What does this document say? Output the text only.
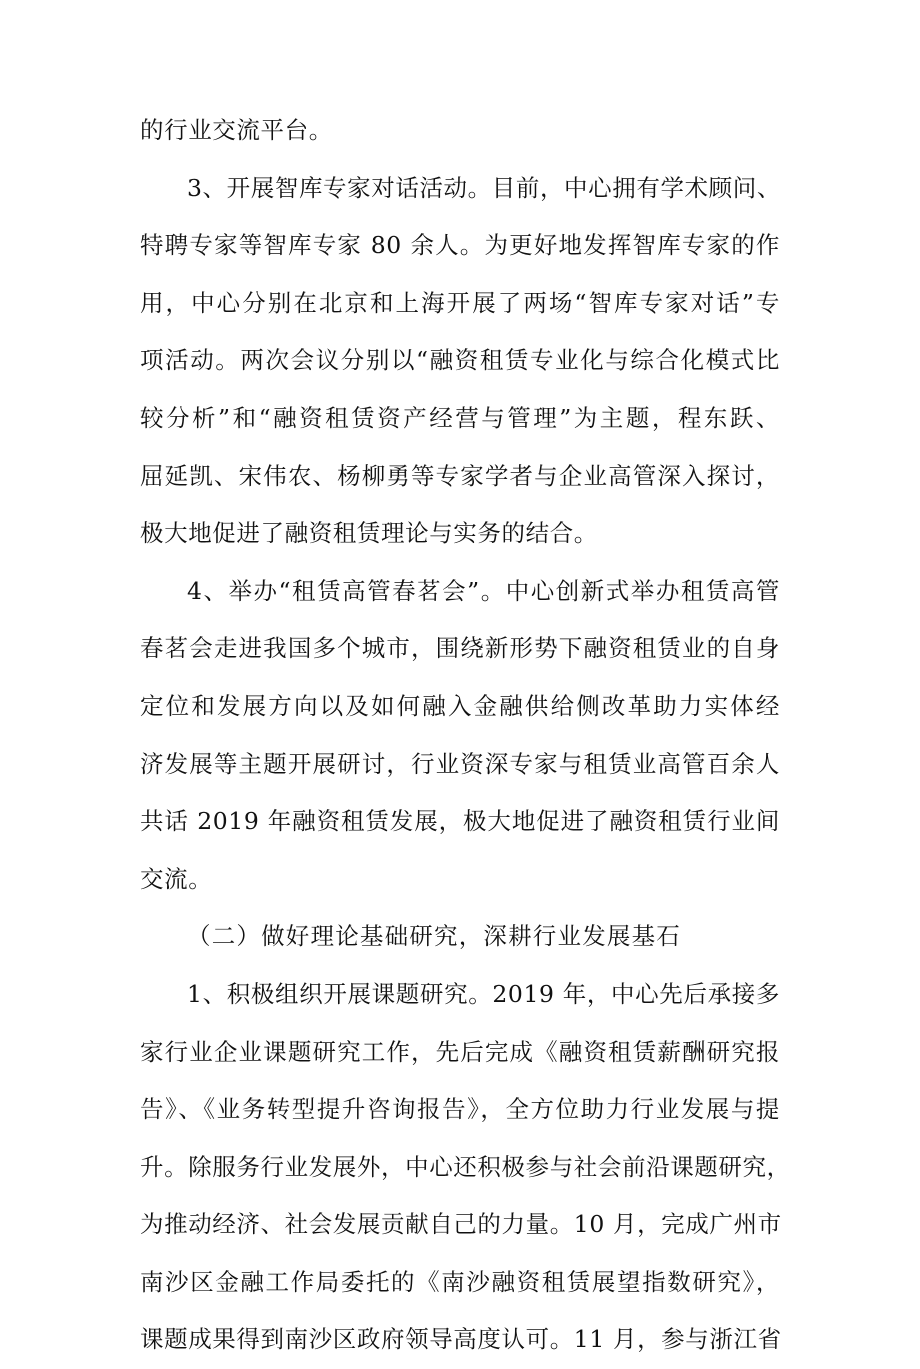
的行业交流平台。
3、开展智库专家对话活动。目前，中心拥有学术顾问、
特聘专家等智库专家 80 余人。为更好地发挥智库专家的作
用，中心分别在北京和上海开展了两场“智库专家对话”专
项活动。两次会议分别以“融资租赁专业化与综合化模式比
较分析”和“融资租赁资产经营与管理”为主题，程东跃、
屈延凯、宋伟农、杨柳勇等专家学者与企业高管深入探讨，
极大地促进了融资租赁理论与实务的结合。
4、举办“租赁高管春茗会”。中心创新式举办租赁高管
春茗会走进我国多个城市，围绕新形势下融资租赁业的自身
定位和发展方向以及如何融入金融供给侧改革助力实体经
济发展等主题开展研讨，行业资深专家与租赁业高管百余人
共话 2019 年融资租赁发展，极大地促进了融资租赁行业间
交流。
（二）做好理论基础研究，深耕行业发展基石
1、积极组织开展课题研究。2019 年，中心先后承接多
家行业企业课题研究工作，先后完成《融资租赁薪酬研究报
告》、《业务转型提升咨询报告》，全方位助力行业发展与提
升。除服务行业发展外，中心还积极参与社会前沿课题研究，
为推动经济、社会发展贡献自己的力量。10 月，完成广州市
南沙区金融工作局委托的《南沙融资租赁展望指数研究》，
课题成果得到南沙区政府领导高度认可。11 月，参与浙江省
